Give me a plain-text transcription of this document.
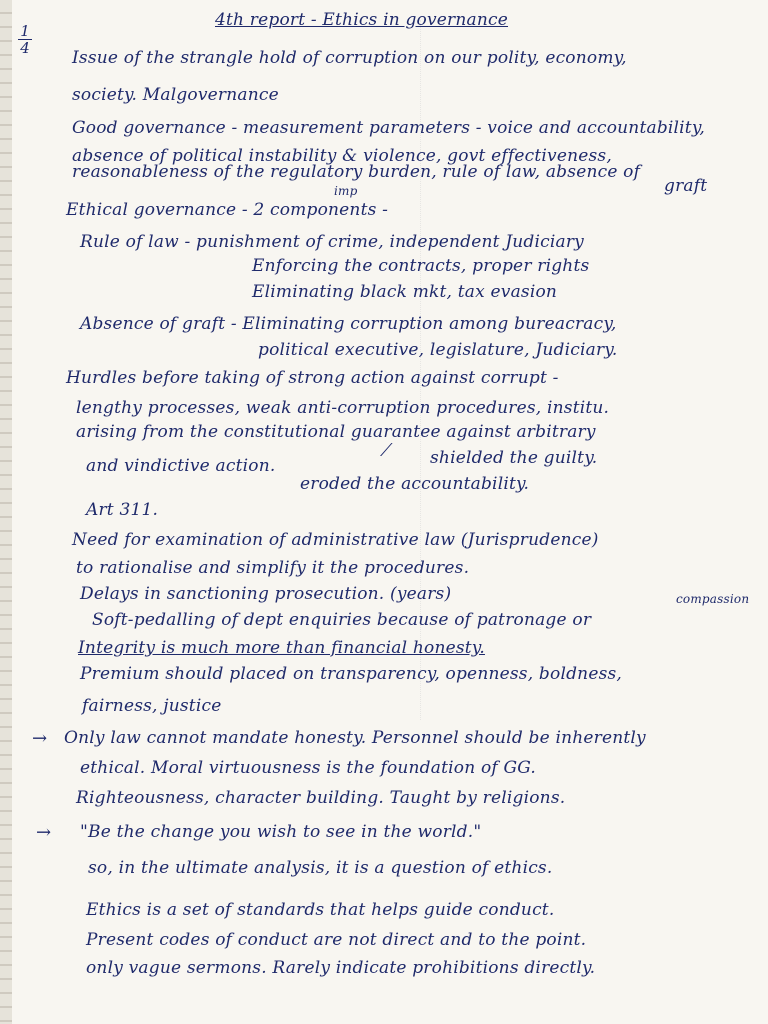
1
4
4th report - Ethics in governance
Issue of the strangle hold of corruption on our polity, economy,
society. Malgovernance
Good governance - measurement parameters - voice and accountability,
absence of political instability & violence, govt effectiveness,
reasonableness of the regulatory burden, rule of law, absence of
graft
imp
Ethical governance - 2 components -
Rule of law - punishment of crime, independent Judiciary
Enforcing the contracts, proper rights
Eliminating black mkt, tax evasion
Absence of graft - Eliminating corruption among bureacracy,
political executive, legislature, Judiciary.
Hurdles before taking of strong action against corrupt -
lengthy processes, weak anti-corruption procedures, institu.
arising from the constitutional guarantee against arbitrary
and vindictive action.
⟋ shielded the guilty.
eroded the accountability.
Art 311.
Need for examination of administrative law (Jurisprudence)
to rationalise and simplify it the procedures.
Delays in sanctioning prosecution. (years)
Soft-pedalling of dept enquiries because of patronage or
compassion
Integrity is much more than financial honesty.
Premium should placed on transparency, openness, boldness,
fairness, justice
→ Only law cannot mandate honesty. Personnel should be inherently
ethical. Moral virtuousness is the foundation of GG.
Righteousness, character building. Taught by religions.
→ "Be the change you wish to see in the world."
so, in the ultimate analysis, it is a question of ethics.
Ethics is a set of standards that helps guide conduct.
Present codes of conduct are not direct and to the point.
only vague sermons. Rarely indicate prohibitions directly.
